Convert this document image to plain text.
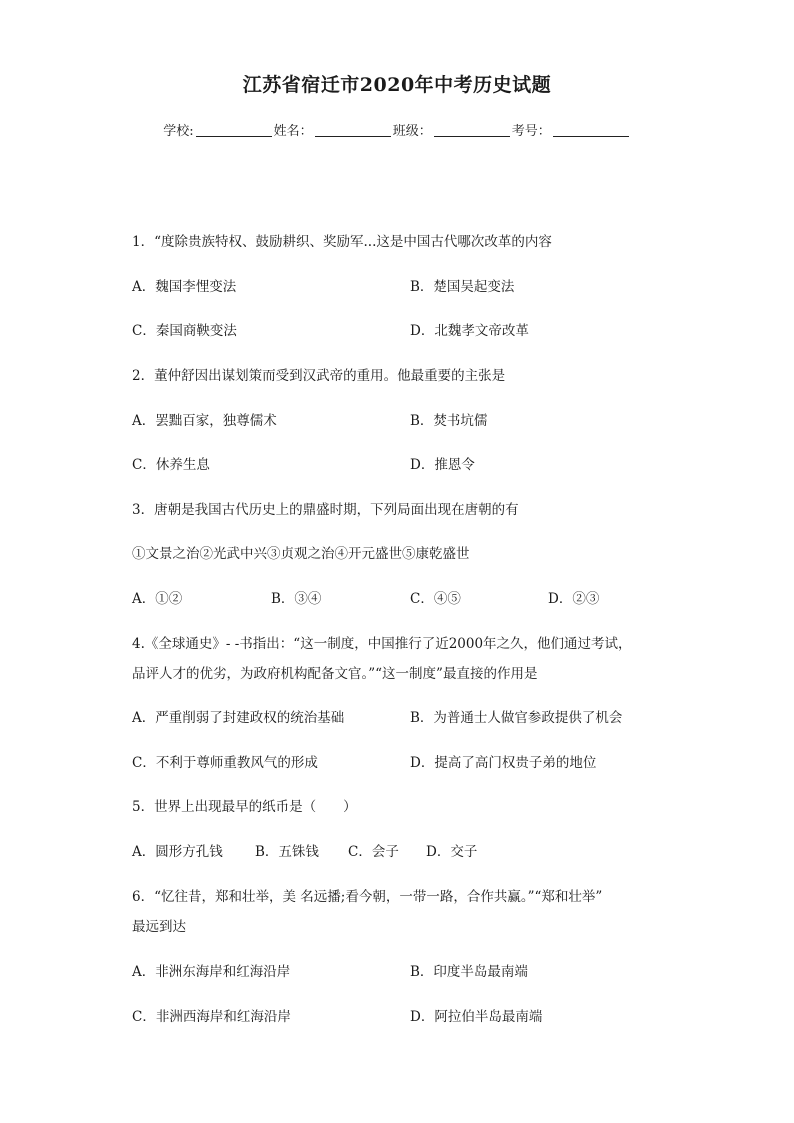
江苏省宿迁市2020年中考历史试题
学校:	姓名：	班级：	考号：
1．“度除贵族特权、鼓励耕织、奖励军...这是中国古代哪次改革的内容
A．魏国李悝变法	B．楚国吴起变法
C．秦国商鞅变法	D．北魏孝文帝改革
2．董仲舒因出谋划策而受到汉武帝的重用。他最重要的主张是
A．罢黜百家，独尊儒术	B．焚书坑儒
C．休养生息	D．推恩令
3．唐朝是我国古代历史上的鼎盛时期，下列局面出现在唐朝的有
①文景之治②光武中兴③贞观之治④开元盛世⑤康乾盛世
A．①②	B．③④	C．④⑤	D．②③
4.《全球通史》- -书指出：“这一制度，中国推行了近2000年之久，他们通过考试，
品评人才的优劣，为政府机构配备文官。”“这一制度”最直接的作用是
A．严重削弱了封建政权的统治基础	B．为普通士人做官参政提供了机会
C．不利于尊师重教风气的形成	D．提高了高门权贵子弟的地位
5．世界上出现最早的纸币是（　　）
A．圆形方孔钱 B．五铢钱 C．会子 D．交子
6．“忆往昔，郑和壮举，美 名远播;看今朝，一带一路，合作共赢。”“郑和壮举”
最远到达
A．非洲东海岸和红海沿岸	B．印度半岛最南端
C．非洲西海岸和红海沿岸	D．阿拉伯半岛最南端
